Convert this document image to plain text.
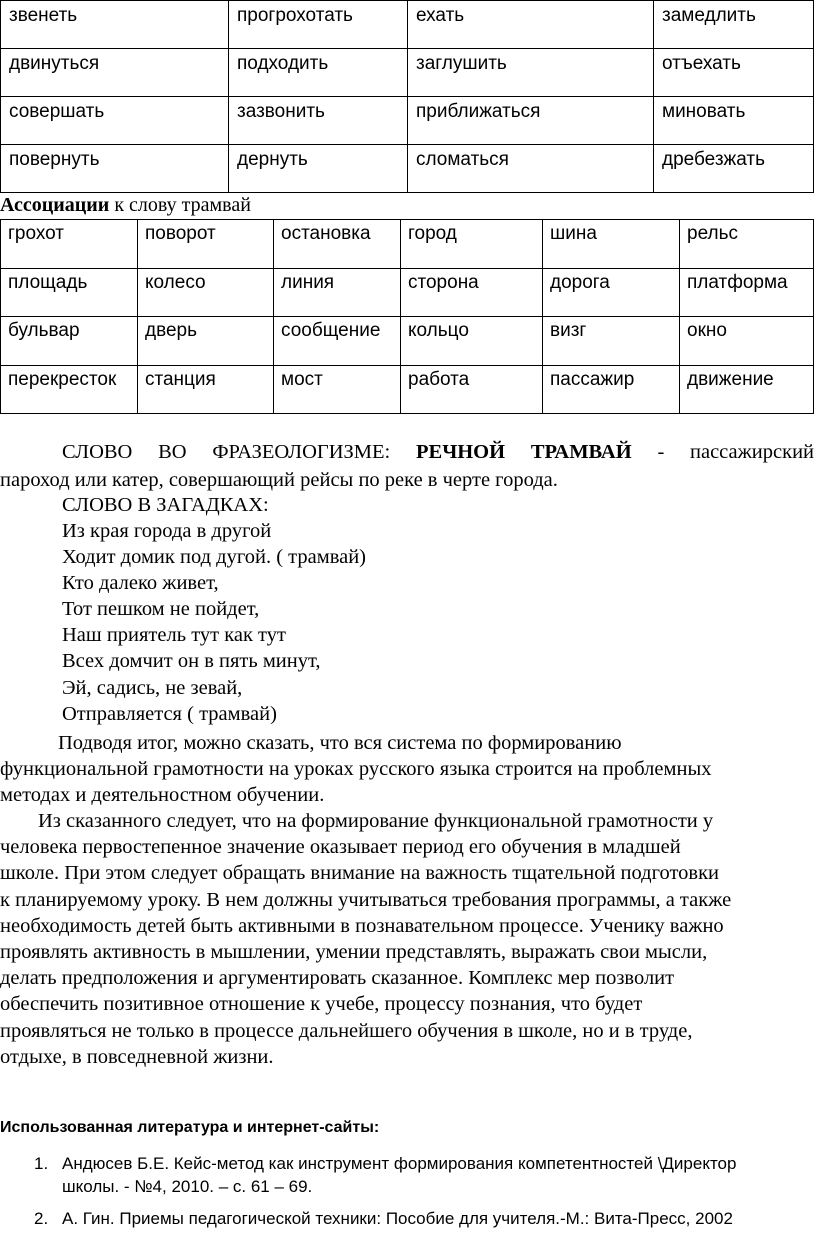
звенеть	прогрохотать	ехать	замедлить
двинуться	подходить	заглушить	отъехать
совершать	зазвонить	приближаться	миновать
повернуть	дернуть	сломаться	дребезжать
Ассоциации к слову трамвай
грохот	поворот	остановка	город	шина	рельс
площадь	колесо	линия	сторона	дорога	платформа
бульвар	дверь	сообщение	кольцо	визг	окно
перекресток	станция	мост	работа	пассажир	движение
СЛОВО ВО ФРАЗЕОЛОГИЗМЕ: РЕЧНОЙ ТРАМВАЙ - пассажирский
пароход или катер, совершающий рейсы по реке в черте города.
СЛОВО В ЗАГАДКАХ:
Из края города в другой
Ходит домик под дугой. ( трамвай)
Кто далеко живет,
Тот пешком не пойдет,
Наш приятель тут как тут
Всех домчит он в пять минут,
Эй, садись, не зевай,
Отправляется ( трамвай)
Подводя итог, можно сказать, что вся система по формированию
функциональной грамотности на уроках русского языка строится на проблемных
методах и деятельностном обучении.
Из сказанного следует, что на формирование функциональной грамотности у
человека первостепенное значение оказывает период его обучения в младшей
школе. При этом следует обращать внимание на важность тщательной подготовки
к планируемому уроку. В нем должны учитываться требования программы, а также
необходимость детей быть активными в познавательном процессе. Ученику важно
проявлять активность в мышлении, умении представлять, выражать свои мысли,
делать предположения и аргументировать сказанное. Комплекс мер позволит
обеспечить позитивное отношение к учебе, процессу познания, что будет
проявляться не только в процессе дальнейшего обучения в школе, но и в труде,
отдыхе, в повседневной жизни.
Использованная литература и интернет-сайты:
1. Андюсев Б.Е. Кейс-метод как инструмент формирования компетентностей \Директор
школы. - №4, 2010. – с. 61 – 69.
2. А. Гин. Приемы педагогической техники: Пособие для учителя.-М.: Вита-Пресс, 2002
